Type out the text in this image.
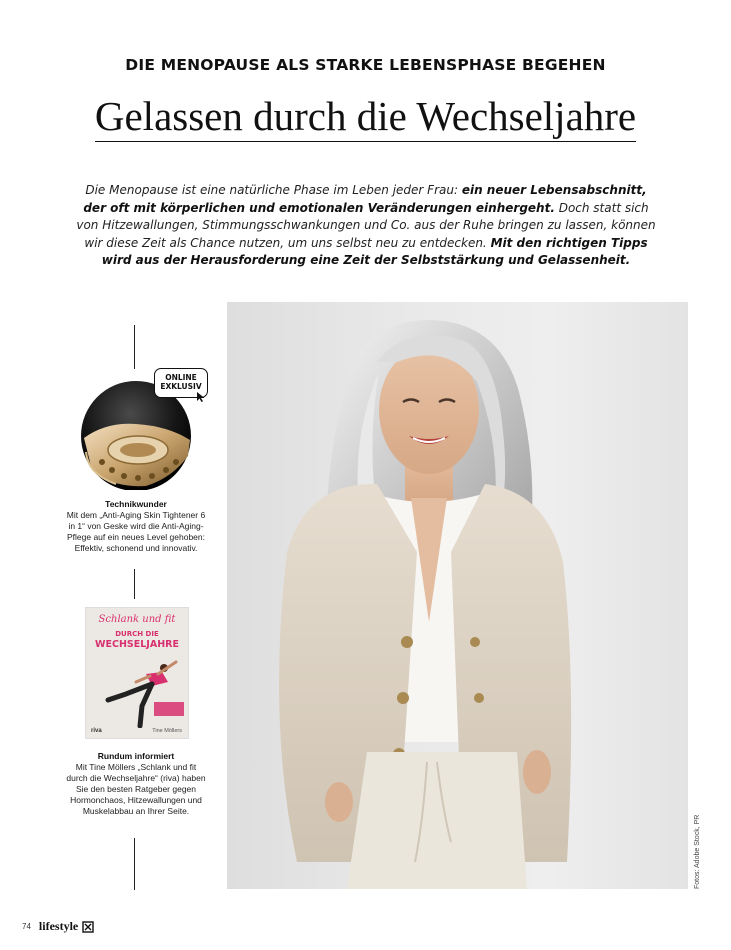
DIE MENOPAUSE ALS STARKE LEBENSPHASE BEGEHEN
Gelassen durch die Wechseljahre
Die Menopause ist eine natürliche Phase im Leben jeder Frau: ein neuer Lebensabschnitt, der oft mit körperlichen und emotionalen Veränderungen einhergeht. Doch statt sich von Hitzewallungen, Stimmungsschwankungen und Co. aus der Ruhe bringen zu lassen, können wir diese Zeit als Chance nutzen, um uns selbst neu zu entdecken. Mit den richtigen Tipps wird aus der Herausforderung eine Zeit der Selbststärkung und Gelassenheit.
ONLINE
EXKLUSIV
Technikwunder
Mit dem „Anti-Aging Skin Tightener 6 in 1“ von Geske wird die Anti-Aging-Pflege auf ein neues Level gehoben: Effektiv, schonend und innovativ.
Schlank und fit
DURCH DIE
WECHSELJAHRE
riva	Tine Möllers
Rundum informiert
Mit Tine Möllers „Schlank und fit durch die Wechseljahre“ (riva) haben Sie den besten Ratgeber gegen Hormonchaos, Hitzewallungen und Muskelabbau an Ihrer Seite.
Fotos: Adobe Stock, PR
74 lifestyle
